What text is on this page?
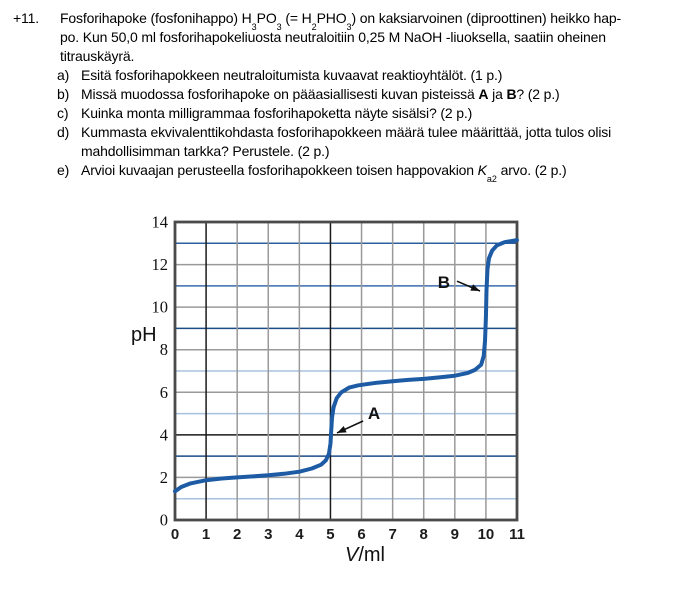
+11. Fosforihapoke (fosfonihappo) $H_3PO_3$ (= $H_2PHO_3$) on kaksiarvoinen (diproottinen) heikko hap-
po. Kun 50,0 ml fosforihapokeliuosta neutraloitiin 0,25 M NaOH -liuoksella, saatiin oheinen
titrauskäyrä.
a) Esitä fosforihapokkeen neutraloitumista kuvaavat reaktioyhtälöt. (1 p.)
b) Missä muodossa fosforihapoke on pääasiallisesti kuvan pisteissä A ja B? (2 p.)
c) Kuinka monta milligrammaa fosforihapoketta näyte sisälsi? (2 p.)
d) Kummasta ekvivalenttikohdasta fosforihapokkeen määrä tulee määrittää, jotta tulos olisi
mahdollisimman tarkka? Perustele. (2 p.)
e) Arvioi kuvaajan perusteella fosforihapokkeen toisen happovakion $K_{a2}$ arvo. (2 p.)
0
2
4
6
8
10
12
14
0 1 2 3 4 5 6 7 8 9 10 11
pH
V/ml
A
B
